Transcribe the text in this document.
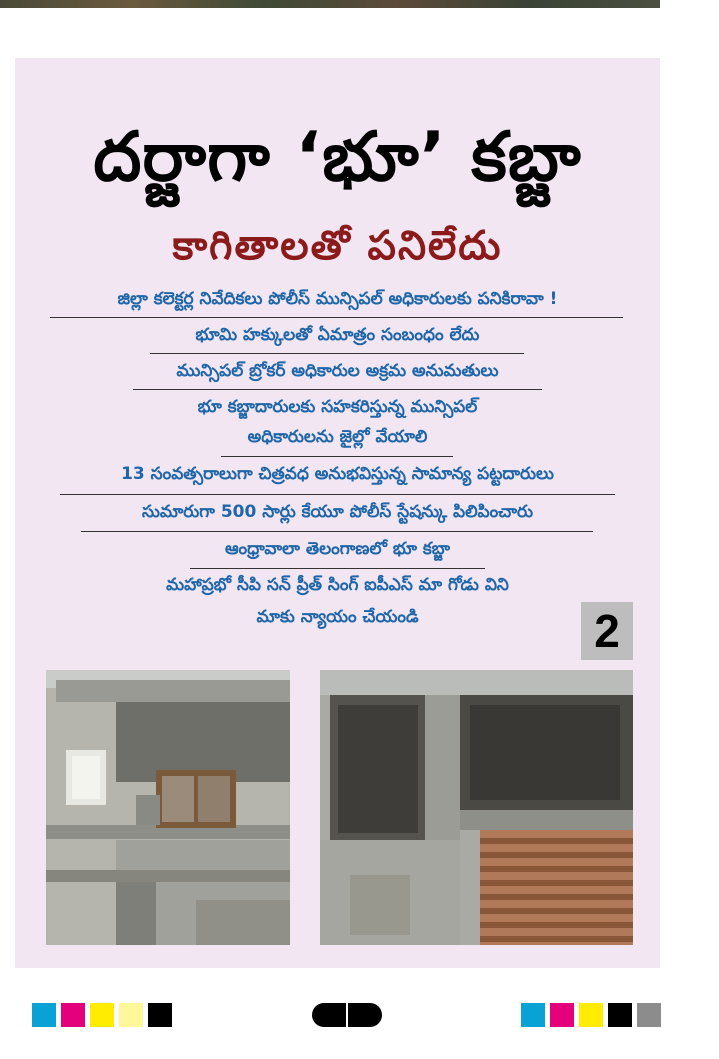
దర్జాగా ‘భూ’ కబ్జా
కాగితాలతో పనిలేదు
జిల్లా కలెక్టర్ల నివేదికలు పోలీస్ మున్సిపల్ అధికారులకు పనికిరావా !
భూమి హక్కులతో ఏమాత్రం సంబంధం లేదు
మున్సిపల్ బ్రోకర్ అధికారుల అక్రమ అనుమతులు
భూ కబ్జాదారులకు సహకరిస్తున్న మున్సిపల్
అధికారులను జైల్లో వేయాలి
13 సంవత్సరాలుగా చిత్రవధ అనుభవిస్తున్న సామాన్య పట్టదారులు
సుమారుగా 500 సార్లు కేయూ పోలీస్ స్టేషన్కు పిలిపించారు
ఆంధ్రావాలా తెలంగాణలో భూ కబ్జా
మహాప్రభో సీపి సన్ ప్రీత్ సింగ్ ఐపీఎస్ మా గోడు విని
మాకు న్యాయం చేయండి	2
